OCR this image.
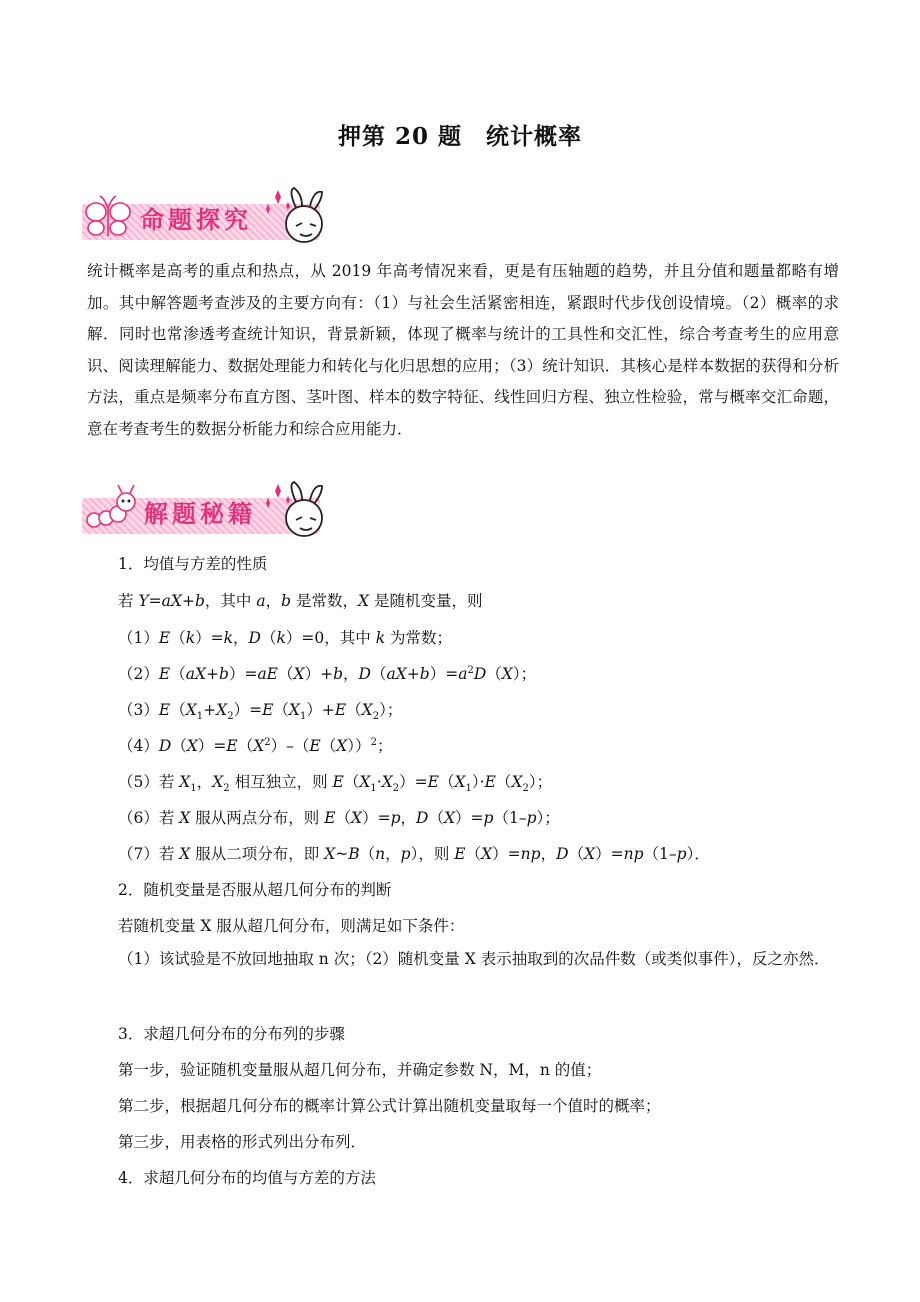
押第 20 题　统计概率
命题探究
统计概率是高考的重点和热点，从 2019 年高考情况来看，更是有压轴题的趋势，并且分值和题量都略有增加。其中解答题考查涉及的主要方向有：（1）与社会生活紧密相连，紧跟时代步伐创设情境。（2）概率的求解．同时也常渗透考查统计知识，背景新颖，体现了概率与统计的工具性和交汇性，综合考查考生的应用意识、阅读理解能力、数据处理能力和转化与化归思想的应用；（3）统计知识．其核心是样本数据的获得和分析方法，重点是频率分布直方图、茎叶图、样本的数字特征、线性回归方程、独立性检验，常与概率交汇命题，意在考查考生的数据分析能力和综合应用能力．
解题秘籍
1．均值与方差的性质
若 Y=aX+b，其中 a，b 是常数，X 是随机变量，则
（1）E（k）=k，D（k）=0，其中 k 为常数；
（2）E（aX+b）=aE（X）+b，$D(aX+b)=a^2D(X)$；
$(3)E(X_1+X_2)=E(X_1)+E(X_2)$；
$(4)D(X)=E(X^2)-(E(X))^2$；
（5）若 $X_1$，$X_2$ 相互独立，则 $E(X_1\cdot X_2)=E(X_1)\cdot E(X_2)$；
（6）若 X 服从两点分布，则 E（X）=p，D（X）=p（1–p）；
（7）若 X 服从二项分布，即 X~B（n，p），则 E（X）=np，D（X）=np（1–p）．
2．随机变量是否服从超几何分布的判断
若随机变量 X 服从超几何分布，则满足如下条件：
（1）该试验是不放回地抽取 n 次；（2）随机变量 X 表示抽取到的次品件数（或类似事件），反之亦然．
3．求超几何分布的分布列的步骤
第一步，验证随机变量服从超几何分布，并确定参数 N，M，n 的值；
第二步，根据超几何分布的概率计算公式计算出随机变量取每一个值时的概率；
第三步，用表格的形式列出分布列．
4．求超几何分布的均值与方差的方法
